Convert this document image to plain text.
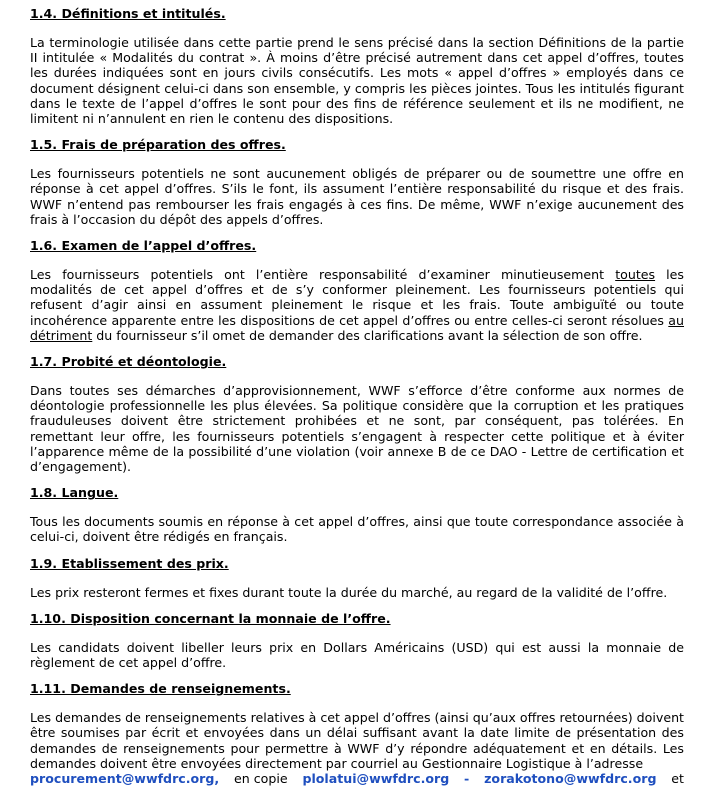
1.4. Définitions et intitulés.

La terminologie utilisée dans cette partie prend le sens précisé dans la section Définitions de la partie II intitulée « Modalités du contrat ». À moins d’être précisé autrement dans cet appel d’offres, toutes les durées indiquées sont en jours civils consécutifs. Les mots « appel d’offres » employés dans ce document désignent celui-ci dans son ensemble, y compris les pièces jointes. Tous les intitulés figurant dans le texte de l’appel d’offres le sont pour des fins de référence seulement et ils ne modifient, ne limitent ni n’annulent en rien le contenu des dispositions.

1.5. Frais de préparation des offres.

Les fournisseurs potentiels ne sont aucunement obligés de préparer ou de soumettre une offre en réponse à cet appel d’offres. S’ils le font, ils assument l’entière responsabilité du risque et des frais. WWF n’entend pas rembourser les frais engagés à ces fins. De même, WWF n’exige aucunement des frais à l’occasion du dépôt des appels d’offres.

1.6. Examen de l’appel d’offres.

Les fournisseurs potentiels ont l’entière responsabilité d’examiner minutieusement toutes les modalités de cet appel d’offres et de s’y conformer pleinement. Les fournisseurs potentiels qui refusent d’agir ainsi en assument pleinement le risque et les frais. Toute ambiguïté ou toute incohérence apparente entre les dispositions de cet appel d’offres ou entre celles-ci seront résolues au détriment du fournisseur s’il omet de demander des clarifications avant la sélection de son offre.

1.7. Probité et déontologie.

Dans toutes ses démarches d’approvisionnement, WWF s’efforce d’être conforme aux normes de déontologie professionnelle les plus élevées. Sa politique considère que la corruption et les pratiques frauduleuses doivent être strictement prohibées et ne sont, par conséquent, pas tolérées. En remettant leur offre, les fournisseurs potentiels s’engagent à respecter cette politique et à éviter l’apparence même de la possibilité d’une violation (voir annexe B de ce DAO - Lettre de certification et d’engagement).

1.8. Langue.

Tous les documents soumis en réponse à cet appel d’offres, ainsi que toute correspondance associée à celui-ci, doivent être rédigés en français.

1.9. Etablissement des prix.

Les prix resteront fermes et fixes durant toute la durée du marché, au regard de la validité de l’offre.

1.10. Disposition concernant la monnaie de l’offre.

Les candidats doivent libeller leurs prix en Dollars Américains (USD) qui est aussi la monnaie de règlement de cet appel d’offre.

1.11. Demandes de renseignements.

Les demandes de renseignements relatives à cet appel d’offres (ainsi qu’aux offres retournées) doivent être soumises par écrit et envoyées dans un délai suffisant avant la date limite de présentation des demandes de renseignements pour permettre à WWF d’y répondre adéquatement et en détails. Les demandes doivent être envoyées directement par courriel au Gestionnaire Logistique à l’adresse

procurement@wwfdrc.org, en copie plolatui@wwfdrc.org - zorakotono@wwfdrc.org et
